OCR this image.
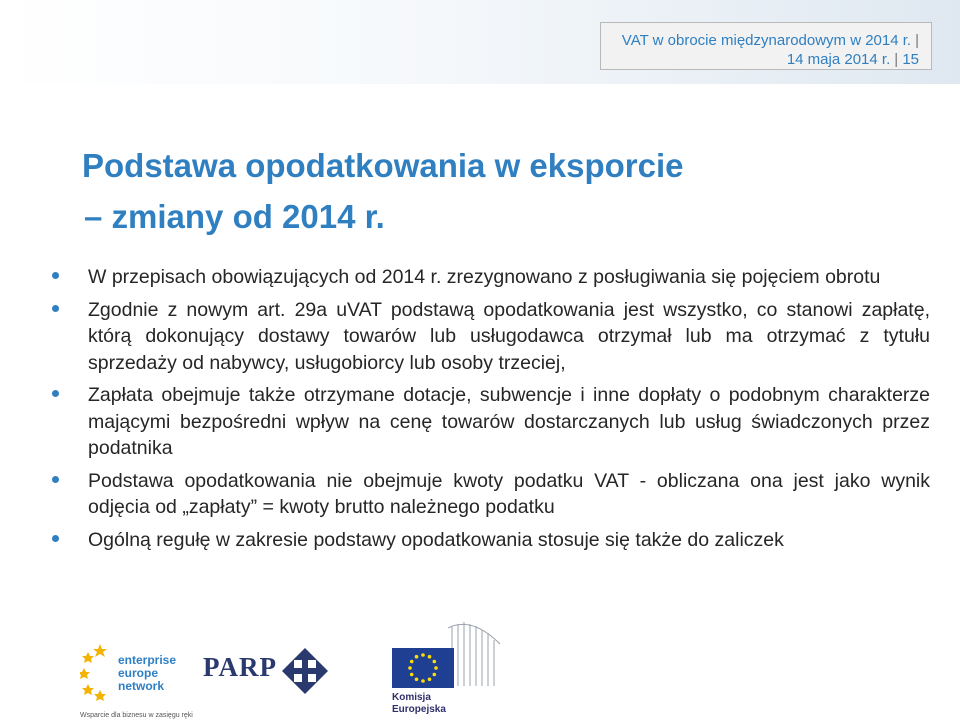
VAT w obrocie międzynarodowym w 2014 r. |
14 maja 2014 r. | 15
Podstawa opodatkowania w eksporcie
– zmiany od 2014 r.
W przepisach obowiązujących od 2014 r. zrezygnowano z posługiwania się pojęciem obrotu
Zgodnie z nowym art. 29a uVAT podstawą opodatkowania jest wszystko, co stanowi zapłatę, którą dokonujący dostawy towarów lub usługodawca otrzymał lub ma otrzymać z tytułu sprzedaży od nabywcy, usługobiorcy lub osoby trzeciej,
Zapłata obejmuje także otrzymane dotacje, subwencje i inne dopłaty o podobnym charakterze mającymi bezpośredni wpływ na cenę towarów dostarczanych lub usług świadczonych przez podatnika
Podstawa opodatkowania nie obejmuje kwoty podatku VAT - obliczana ona jest jako wynik odjęcia od „zapłaty” = kwoty brutto należnego podatku
Ogólną regułę w zakresie podstawy opodatkowania stosuje się także do zaliczek
enterprise
europe
network
Wsparcie dla biznesu w zasięgu ręki
PARP
Komisja
Europejska
